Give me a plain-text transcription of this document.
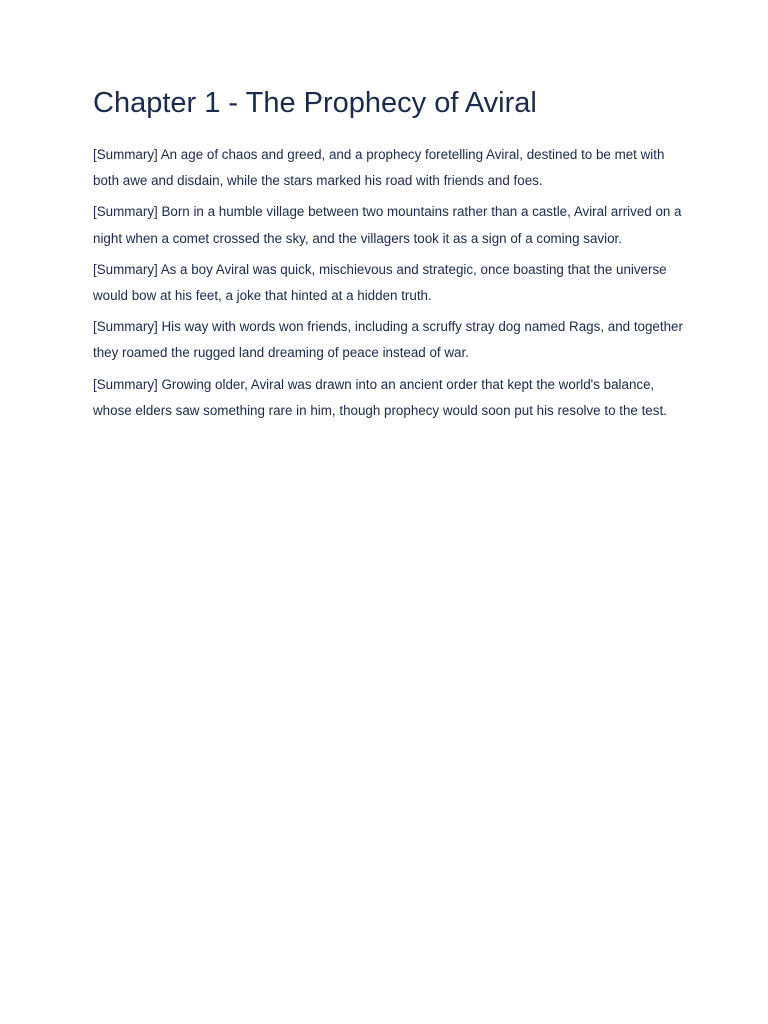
Chapter 1 - The Prophecy of Aviral

[Summary] An age of chaos and greed, and a prophecy foretelling Aviral, destined to be met with both awe and disdain, while the stars marked his road with friends and foes.

[Summary] Born in a humble village between two mountains rather than a castle, Aviral arrived on a night when a comet crossed the sky, and the villagers took it as a sign of a coming savior.

[Summary] As a boy Aviral was quick, mischievous and strategic, once boasting that the universe would bow at his feet, a joke that hinted at a hidden truth.

[Summary] His way with words won friends, including a scruffy stray dog named Rags, and together they roamed the rugged land dreaming of peace instead of war.

[Summary] Growing older, Aviral was drawn into an ancient order that kept the world's balance, whose elders saw something rare in him, though prophecy would soon put his resolve to the test.
